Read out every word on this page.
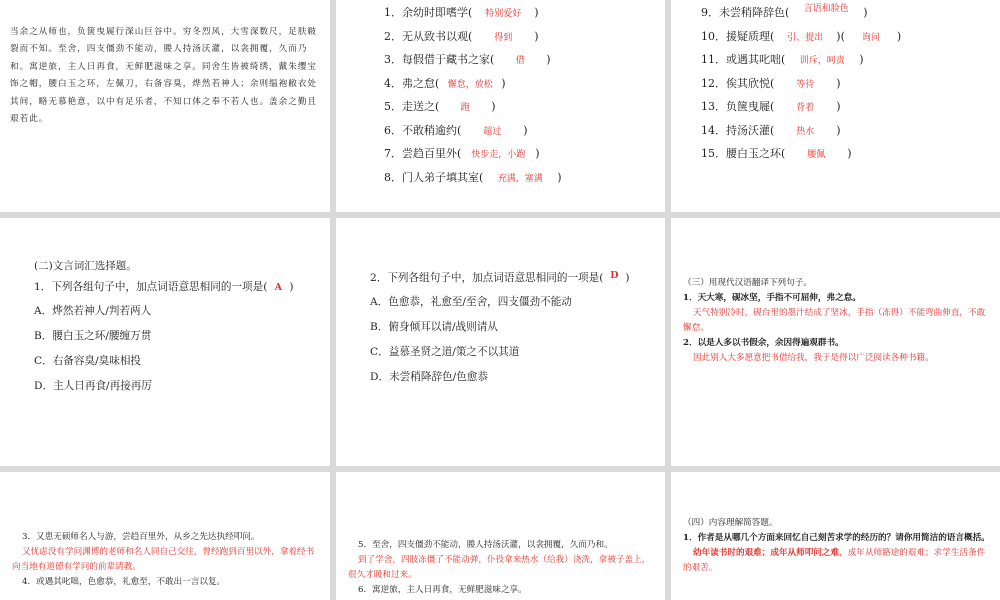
当余之从师也，负箧曳屣行深山巨谷中。穷冬烈风，大雪深数尺，足肤皲裂而不知。至舍，四支僵劲不能动，媵人持汤沃灌，以衾拥覆，久而乃和。寓逆旅，主人日再食，无鲜肥滋味之享。同舍生皆被绮绣，戴朱缨宝饰之帽，腰白玉之环，左佩刀，右备容臭，烨然若神人；余则缊袍敝衣处其间，略无慕艳意，以中有足乐者，不知口体之奉不若人也。盖余之勤且艰若此。

1．余幼时即嗜学( 特别爱好 )
2．无从致书以观( 得到 )
3．每假借于藏书之家( 借 )
4．弗之怠( 懈怠，放松 )
5．走送之( 跑 )
6．不敢稍逾约( 超过 )
7．尝趋百里外( 快步走，小跑 )
8．门人弟子填其室( 充满，塞满 )
9．未尝稍降辞色( 言语和脸色 )
10．援疑质理( 引、提出 )( 询问 )
11．或遇其叱咄( 训斥，呵责 )
12．俟其欣悦( 等待 )
13．负箧曳屣( 背着 )
14．持汤沃灌( 热水 )
15．腰白玉之环( 腰佩 )
(二)文言词汇选择题。
1．下列各组句子中，加点词语意思相同的一项是( A )
A．烨然若神人/判若两人
B．腰白玉之环/腰缠万贯
C．右备容臭/臭味相投
D．主人日再食/再接再厉
2．下列各组句子中，加点词语意思相同的一项是( D )
A．色愈恭，礼愈至/至舍，四支僵劲不能动
B．俯身倾耳以请/战则请从
C．益慕圣贤之道/策之不以其道
D．未尝稍降辞色/色愈恭
（三）用现代汉语翻译下列句子。
1．天大寒，砚冰坚，手指不可屈伸，弗之怠。
天气特别冷时，砚台里的墨汁结成了坚冰，手指（冻得）不能弯曲伸直，不敢懈怠。
2．以是人多以书假余，余因得遍观群书。
因此别人大多愿意把书借给我，我于是得以广泛阅读各种书籍。
3．又患无硕师名人与游，尝趋百里外，从乡之先达执经叩问。
又忧虑没有学问渊博的老师和名人同自己交往，曾经跑到百里以外，拿着经书向当地有道德有学问的前辈请教。
4．或遇其叱咄，色愈恭，礼愈至，不敢出一言以复。
5．至舍，四支僵劲不能动，媵人持汤沃灌，以衾拥覆，久而乃和。
到了学舍，四肢冻僵了不能动弹，仆役拿来热水（给我）浇洗，拿被子盖上，很久才暖和过来。
6．寓逆旅，主人日再食，无鲜肥滋味之享。
（四）内容理解简答题。
1．作者是从哪几个方面来回忆自己刻苦求学的经历的？请你用简洁的语言概括。
幼年读书时的艰难；成年从师叩问之难，成年从师路途的艰难；求学生活条件的艰苦。
